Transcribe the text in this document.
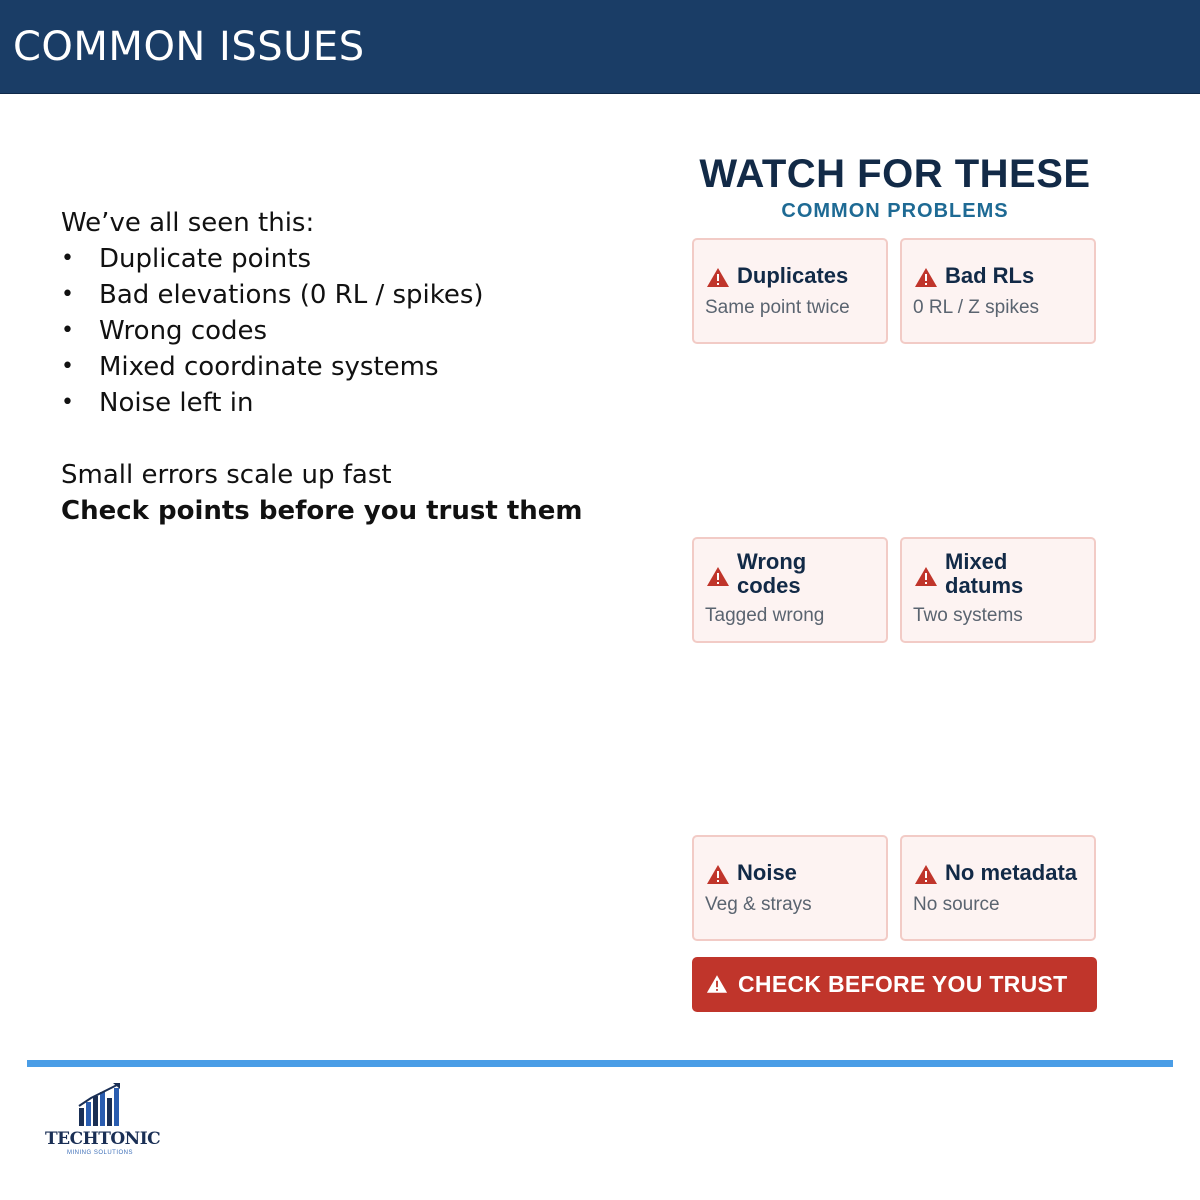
COMMON ISSUES
We’ve all seen this:
• Duplicate points
• Bad elevations (0 RL / spikes)
• Wrong codes
• Mixed coordinate systems
• Noise left in
Small errors scale up fast
Check points before you trust them
WATCH FOR THESE
COMMON PROBLEMS
Duplicates
Same point twice
Bad RLs
0 RL / Z spikes
Wrong codes
Tagged wrong
Mixed datums
Two systems
Noise
Veg & strays
No metadata
No source
CHECK BEFORE YOU TRUST
TECHTONIC
MINING SOLUTIONS
